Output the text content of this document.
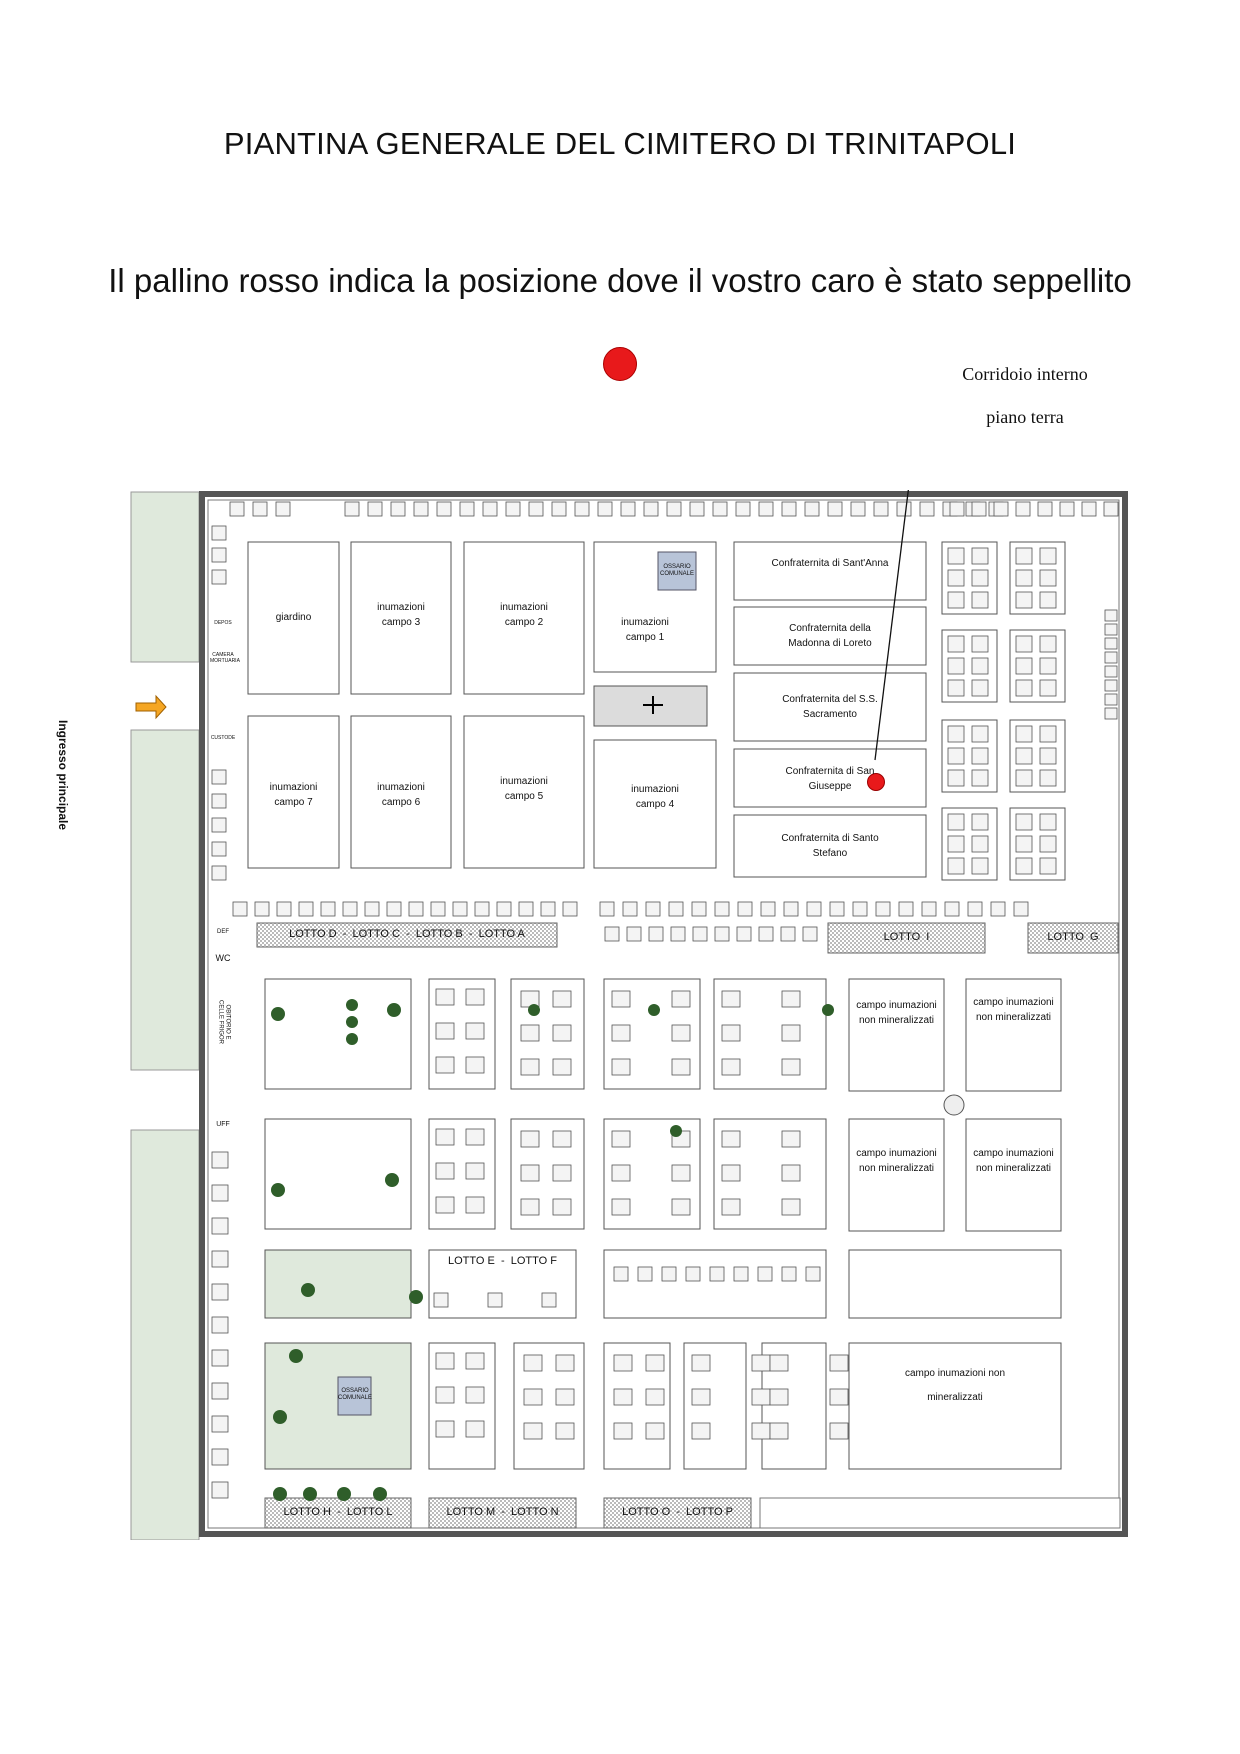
PIANTINA GENERALE DEL CIMITERO DI TRINITAPOLI
Il pallino rosso indica la posizione dove il vostro caro è stato seppellito
Corridoio interno
piano terra
Ingresso principale
giardino
inumazioni campo 3
inumazioni campo 2	inumazioni campo 1
inumazioni campo 7
inumazioni campo 6
inumazioni campo 5
inumazioni campo 4
OSSARIO COMUNALE
OSSARIO COMUNALE
Confraternita di Sant'Anna
Confraternita della Madonna di Loreto
Confraternita del S.S. Sacramento
Confraternita di San Giuseppe
Confraternita di Santo Stefano
LOTTO D  -  LOTTO C  -  LOTTO B  -  LOTTO A	LOTTO  I	LOTTO  G
LOTTO E  -  LOTTO F
LOTTO H  -  LOTTO L	LOTTO M  -  LOTTO N	LOTTO O  -  LOTTO P
campo inumazioni non mineralizzati
campo inumazioni non mineralizzati
campo inumazioni non mineralizzati
campo inumazioni non mineralizzati
campo inumazioni non mineralizzati
DEPOS
CAMERA MORTUARIA
CUSTODE
DEF
WC
OBITORIO E CELLE FRIGOR
UFF
